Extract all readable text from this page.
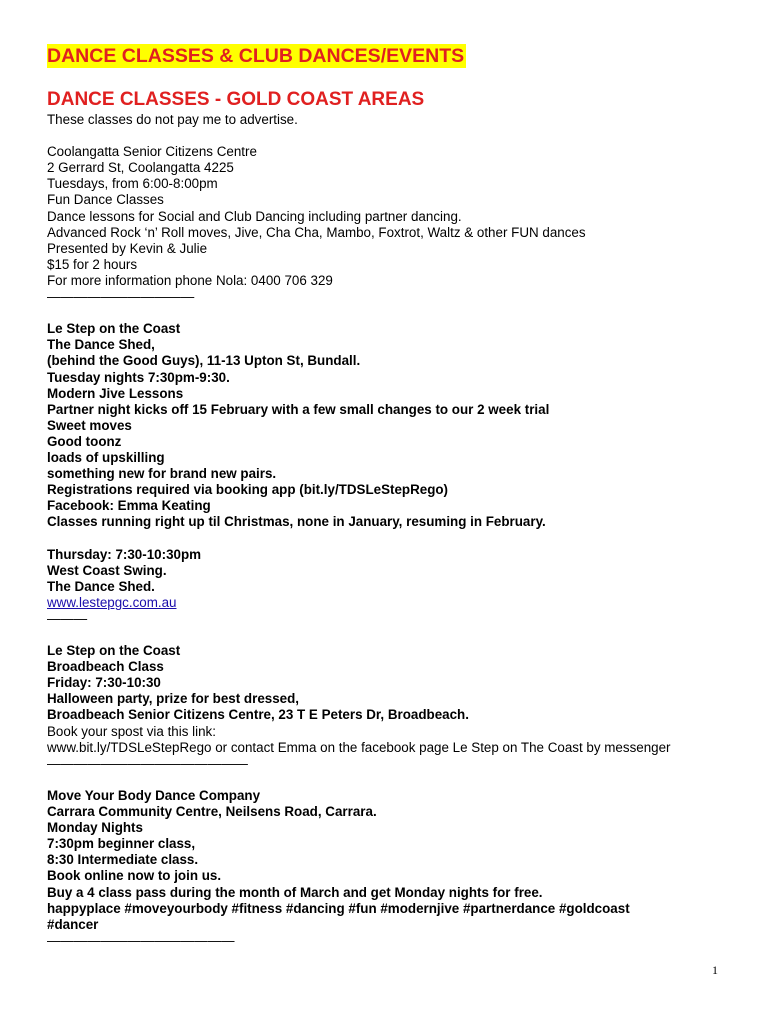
DANCE CLASSES & CLUB DANCES/EVENTS
DANCE CLASSES - GOLD COAST AREAS
These classes do not pay me to advertise.
Coolangatta Senior Citizens Centre
2 Gerrard St, Coolangatta 4225
Tuesdays, from 6:00-8:00pm
Fun Dance Classes
Dance lessons for Social and Club Dancing including partner dancing.
Advanced Rock ‘n’ Roll moves, Jive, Cha Cha, Mambo, Foxtrot, Waltz & other FUN dances
Presented by Kevin & Julie
$15 for 2 hours
For more information phone Nola: 0400 706 329
———————————
Le Step on the Coast
The Dance Shed,
(behind the Good Guys), 11-13 Upton St, Bundall.
Tuesday nights 7:30pm-9:30.
Modern Jive Lessons
Partner night kicks off 15 February with a few small changes to our 2 week trial
Sweet moves
Good toonz
loads of upskilling
something new for brand new pairs.
Registrations required via booking app (bit.ly/TDSLeStepRego)
Facebook: Emma Keating
Classes running right up til Christmas, none in January, resuming in February.
Thursday: 7:30-10:30pm
West Coast Swing.
The Dance Shed.
www.lestepgc.com.au
———
Le Step on the Coast
Broadbeach Class
Friday: 7:30-10:30
Halloween party, prize for best dressed,
Broadbeach Senior Citizens Centre, 23 T E Peters Dr, Broadbeach.
Book your spost via this link:
www.bit.ly/TDSLeStepRego or contact Emma on the facebook page Le Step on The Coast by messenger
———————————————
Move Your Body Dance Company
Carrara Community Centre, Neilsens Road, Carrara.
Monday Nights
7:30pm beginner class,
8:30 Intermediate class.
Book online now to join us.
Buy a 4 class pass during the month of March and get Monday nights for free.
happyplace #moveyourbody #fitness #dancing #fun #modernjive #partnerdance #goldcoast
#dancer
——————————————
1
